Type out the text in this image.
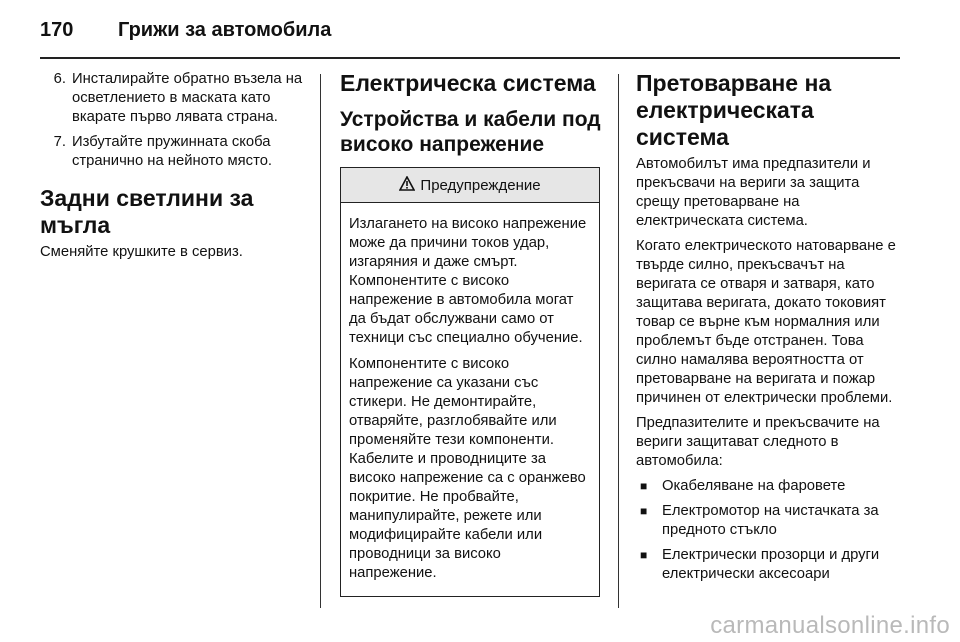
170	Грижи за автомобила
6. Инсталирайте обратно възела на осветлението в маската като вкарате първо лявата страна.
7. Избутайте пружинната скоба странично на нейното място.
Задни светлини за мъгла

Сменяйте крушките в сервиз.

Електрическа система
Устройства и кабели под високо напрежение
Предупреждение

Излагането на високо напрежение може да причини токов удар, изгаряния и даже смърт. Компонентите с високо напрежение в автомобила могат да бъдат обслужвани само от техници със специално обучение.

Компонентите с високо напрежение са указани със стикери. Не демонтирайте, отваряйте, разглобявайте или променяйте тези компоненти. Кабелите и проводниците за високо напрежение са с оранжево покритие. Не пробвайте, манипулирайте, режете или модифицирайте кабели или проводници за високо напрежение.

Претоварване на електрическата система

Автомобилът има предпазители и прекъсвачи на вериги за защита срещу претоварване на електрическата система.

Когато електрическото натоварване е твърде силно, прекъсвачът на веригата се отваря и затваря, като защитава веригата, докато токовият товар се върне към нормалния или проблемът бъде отстранен. Това силно намалява вероятността от претоварване на веригата и пожар причинен от електрически проблеми.

Предпазителите и прекъсвачите на вериги защитават следното в автомобила:

■ Окабеляване на фаровете
■ Електромотор на чистачката за предното стъкло
■ Електрически прозорци и други електрически аксесоари
carmanualsonline.info
